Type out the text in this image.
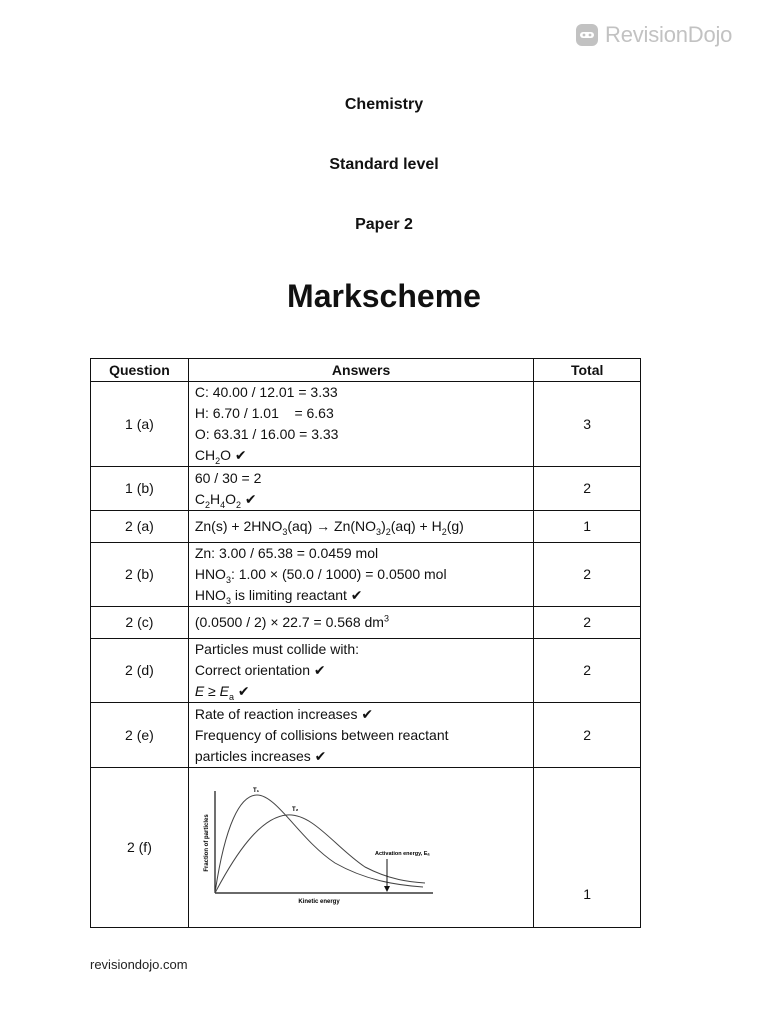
RevisionDojo
Chemistry
Standard level
Paper 2
Markscheme
Question	Answers	Total
1 (a)	C: 40.00 / 12.01 = 3.33
H: 6.70 / 1.01    = 6.63
O: 63.31 / 16.00 = 3.33
$CH_2O$ ✔	3
1 (b)	60 / 30 = 2
$C_2H_4O_2$ ✔	2
2 (a)	$Zn(s) + 2HNO_3(aq) \to Zn(NO_3)_2(aq) + H_2(g)$	1
2 (b)	Zn: 3.00 / 65.38 = 0.0459 mol
$HNO_3$: 1.00 × (50.0 / 1000) = 0.0500 mol
$HNO_3$ is limiting reactant ✔	2
2 (c)	(0.0500 / 2) × 22.7 = 0.568 $dm^3$	2
2 (d)	Particles must collide with:
Correct orientation ✔
$E \ge E_a$ ✔	2
2 (e)	Rate of reaction increases ✔
Frequency of collisions between reactant
particles increases ✔	2
2 (f)	Fraction of particles
Kinetic energy
T₁
T₂
Activation energy, Eₐ	1
revisiondojo.com
